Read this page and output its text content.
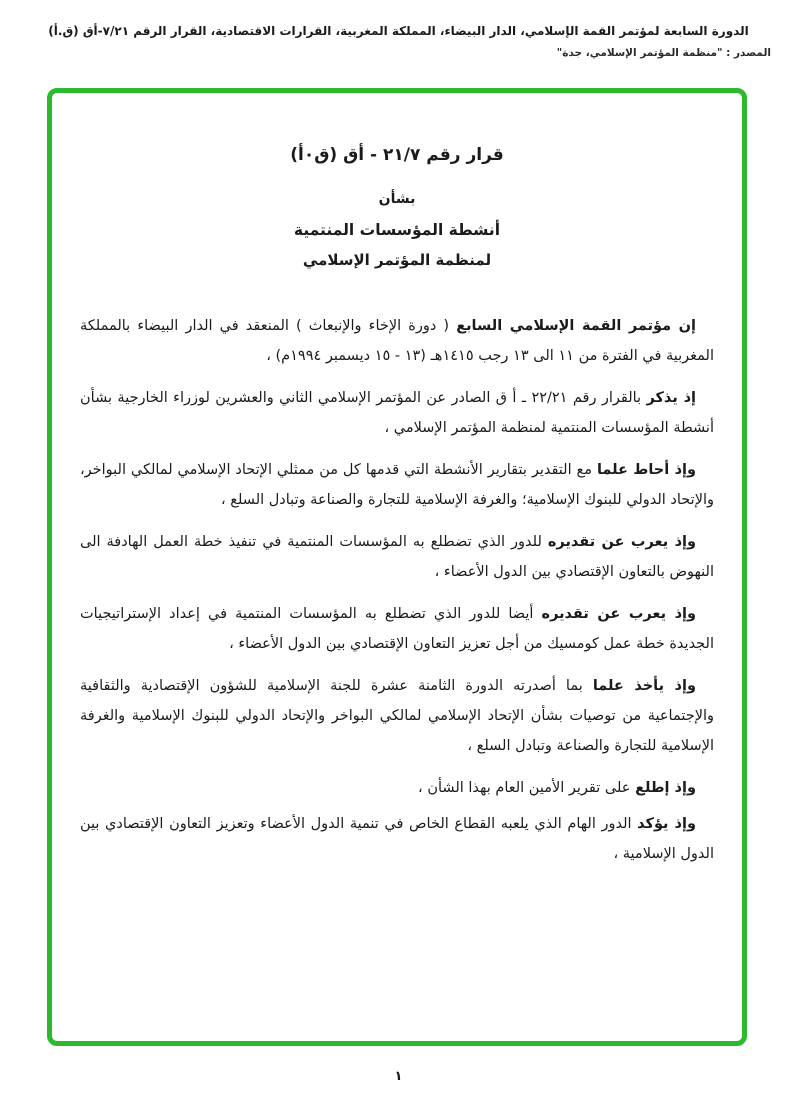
الدورة السابعة لمؤتمر القمة الإسلامي، الدار البيضاء، المملكة المغربية، القرارات الاقتصادية، القرار الرقم ٧/٢١-أق (ق.أ)
المصدر : "منظمة المؤتمر الإسلامي، جدة"
قرار رقم ٢١/٧ - أق (ق٠أ)
بشأن
أنشطة المؤسسات المنتمية
لمنظمة المؤتمر الإسلامي
إن مؤتمر القمة الإسلامي السابع ( دورة الإخاء والإنبعاث ) المنعقد في الدار البيضاء بالمملكة المغربية في الفترة من ١١ الى ١٣ رجب ١٤١٥هـ (١٣ - ١٥ ديسمبر ١٩٩٤م) ،
إذ يذكر بالقرار رقم ٢٢/٢١ ـ أ ق الصادر عن المؤتمر الإسلامي الثاني والعشرين لوزراء الخارجية بشأن أنشطة المؤسسات المنتمية لمنظمة المؤتمر الإسلامي ،
وإذ أحاط علما مع التقدير بتقارير الأنشطة التي قدمها كل من ممثلي الإتحاد الإسلامي لمالكي البواخر، والإتحاد الدولي للبنوك الإسلامية؛ والغرفة الإسلامية للتجارة والصناعة وتبادل السلع ،
وإذ يعرب عن تقديره للدور الذي تضطلع به المؤسسات المنتمية في تنفيذ خطة العمل الهادفة الى النهوض بالتعاون الإقتصادي بين الدول الأعضاء ،
وإذ يعرب عن تقديره أيضا للدور الذي تضطلع به المؤسسات المنتمية في إعداد الإستراتيجيات الجديدة خطة عمل كومسيك من أجل تعزيز التعاون الإقتصادي بين الدول الأعضاء ،
وإذ يأخذ علما بما أصدرته الدورة الثامنة عشرة للجنة الإسلامية للشؤون الإقتصادية والثقافية والإجتماعية من توصيات بشأن الإتحاد الإسلامي لمالكي البواخر والإتحاد الدولي للبنوك الإسلامية والغرفة الإسلامية للتجارة والصناعة وتبادل السلع ،
وإذ إطلع على تقرير الأمين العام بهذا الشأن ،
وإذ يؤكد الدور الهام الذي يلعبه القطاع الخاص في تنمية الدول الأعضاء وتعزيز التعاون الإقتصادي بين الدول الإسلامية ،
١
